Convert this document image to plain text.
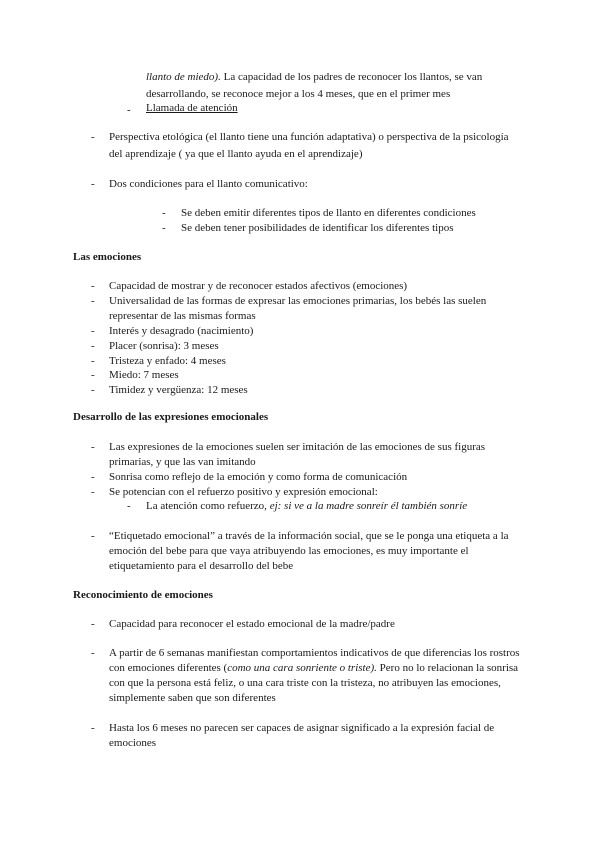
llanto de miedo). La capacidad de los padres de reconocer los llantos, se van
desarrollando, se reconoce mejor a los 4 meses, que en el primer mes
- Llamada de atención
- Perspectiva etológica (el llanto tiene una función adaptativa) o perspectiva de la psicología
del aprendizaje ( ya que el llanto ayuda en el aprendizaje)
- Dos condiciones para el llanto comunicativo:
- Se deben emitir diferentes tipos de llanto en diferentes condiciones
- Se deben tener posibilidades de identificar los diferentes tipos
Las emociones
- Capacidad de mostrar y de reconocer estados afectivos (emociones)
- Universalidad de las formas de expresar las emociones primarias, los bebés las suelen
representar de las mismas formas
- Interés y desagrado (nacimiento)
- Placer (sonrisa): 3 meses
- Tristeza y enfado: 4 meses
- Miedo: 7 meses
- Timidez y vergüenza: 12 meses
Desarrollo de las expresiones emocionales
- Las expresiones de la emociones suelen ser imitación de las emociones de sus figuras
primarias, y que las van imitando
- Sonrisa como reflejo de la emoción y como forma de comunicación
- Se potencian con el refuerzo positivo y expresión emocional:
- La atención como refuerzo, ej: si ve a la madre sonreír él también sonríe
- “Etiquetado emocional” a través de la información social, que se le ponga una etiqueta a la
emoción del bebe para que vaya atribuyendo las emociones, es muy importante el
etiquetamiento para el desarrollo del bebe
Reconocimiento de emociones
- Capacidad para reconocer el estado emocional de la madre/padre
- A partir de 6 semanas manifiestan comportamientos indicativos de que diferencias los rostros
con emociones diferentes (como una cara sonriente o triste). Pero no lo relacionan la sonrisa
con que la persona está feliz, o una cara triste con la tristeza, no atribuyen las emociones,
simplemente saben que son diferentes
- Hasta los 6 meses no parecen ser capaces de asignar significado a la expresión facial de
emociones
